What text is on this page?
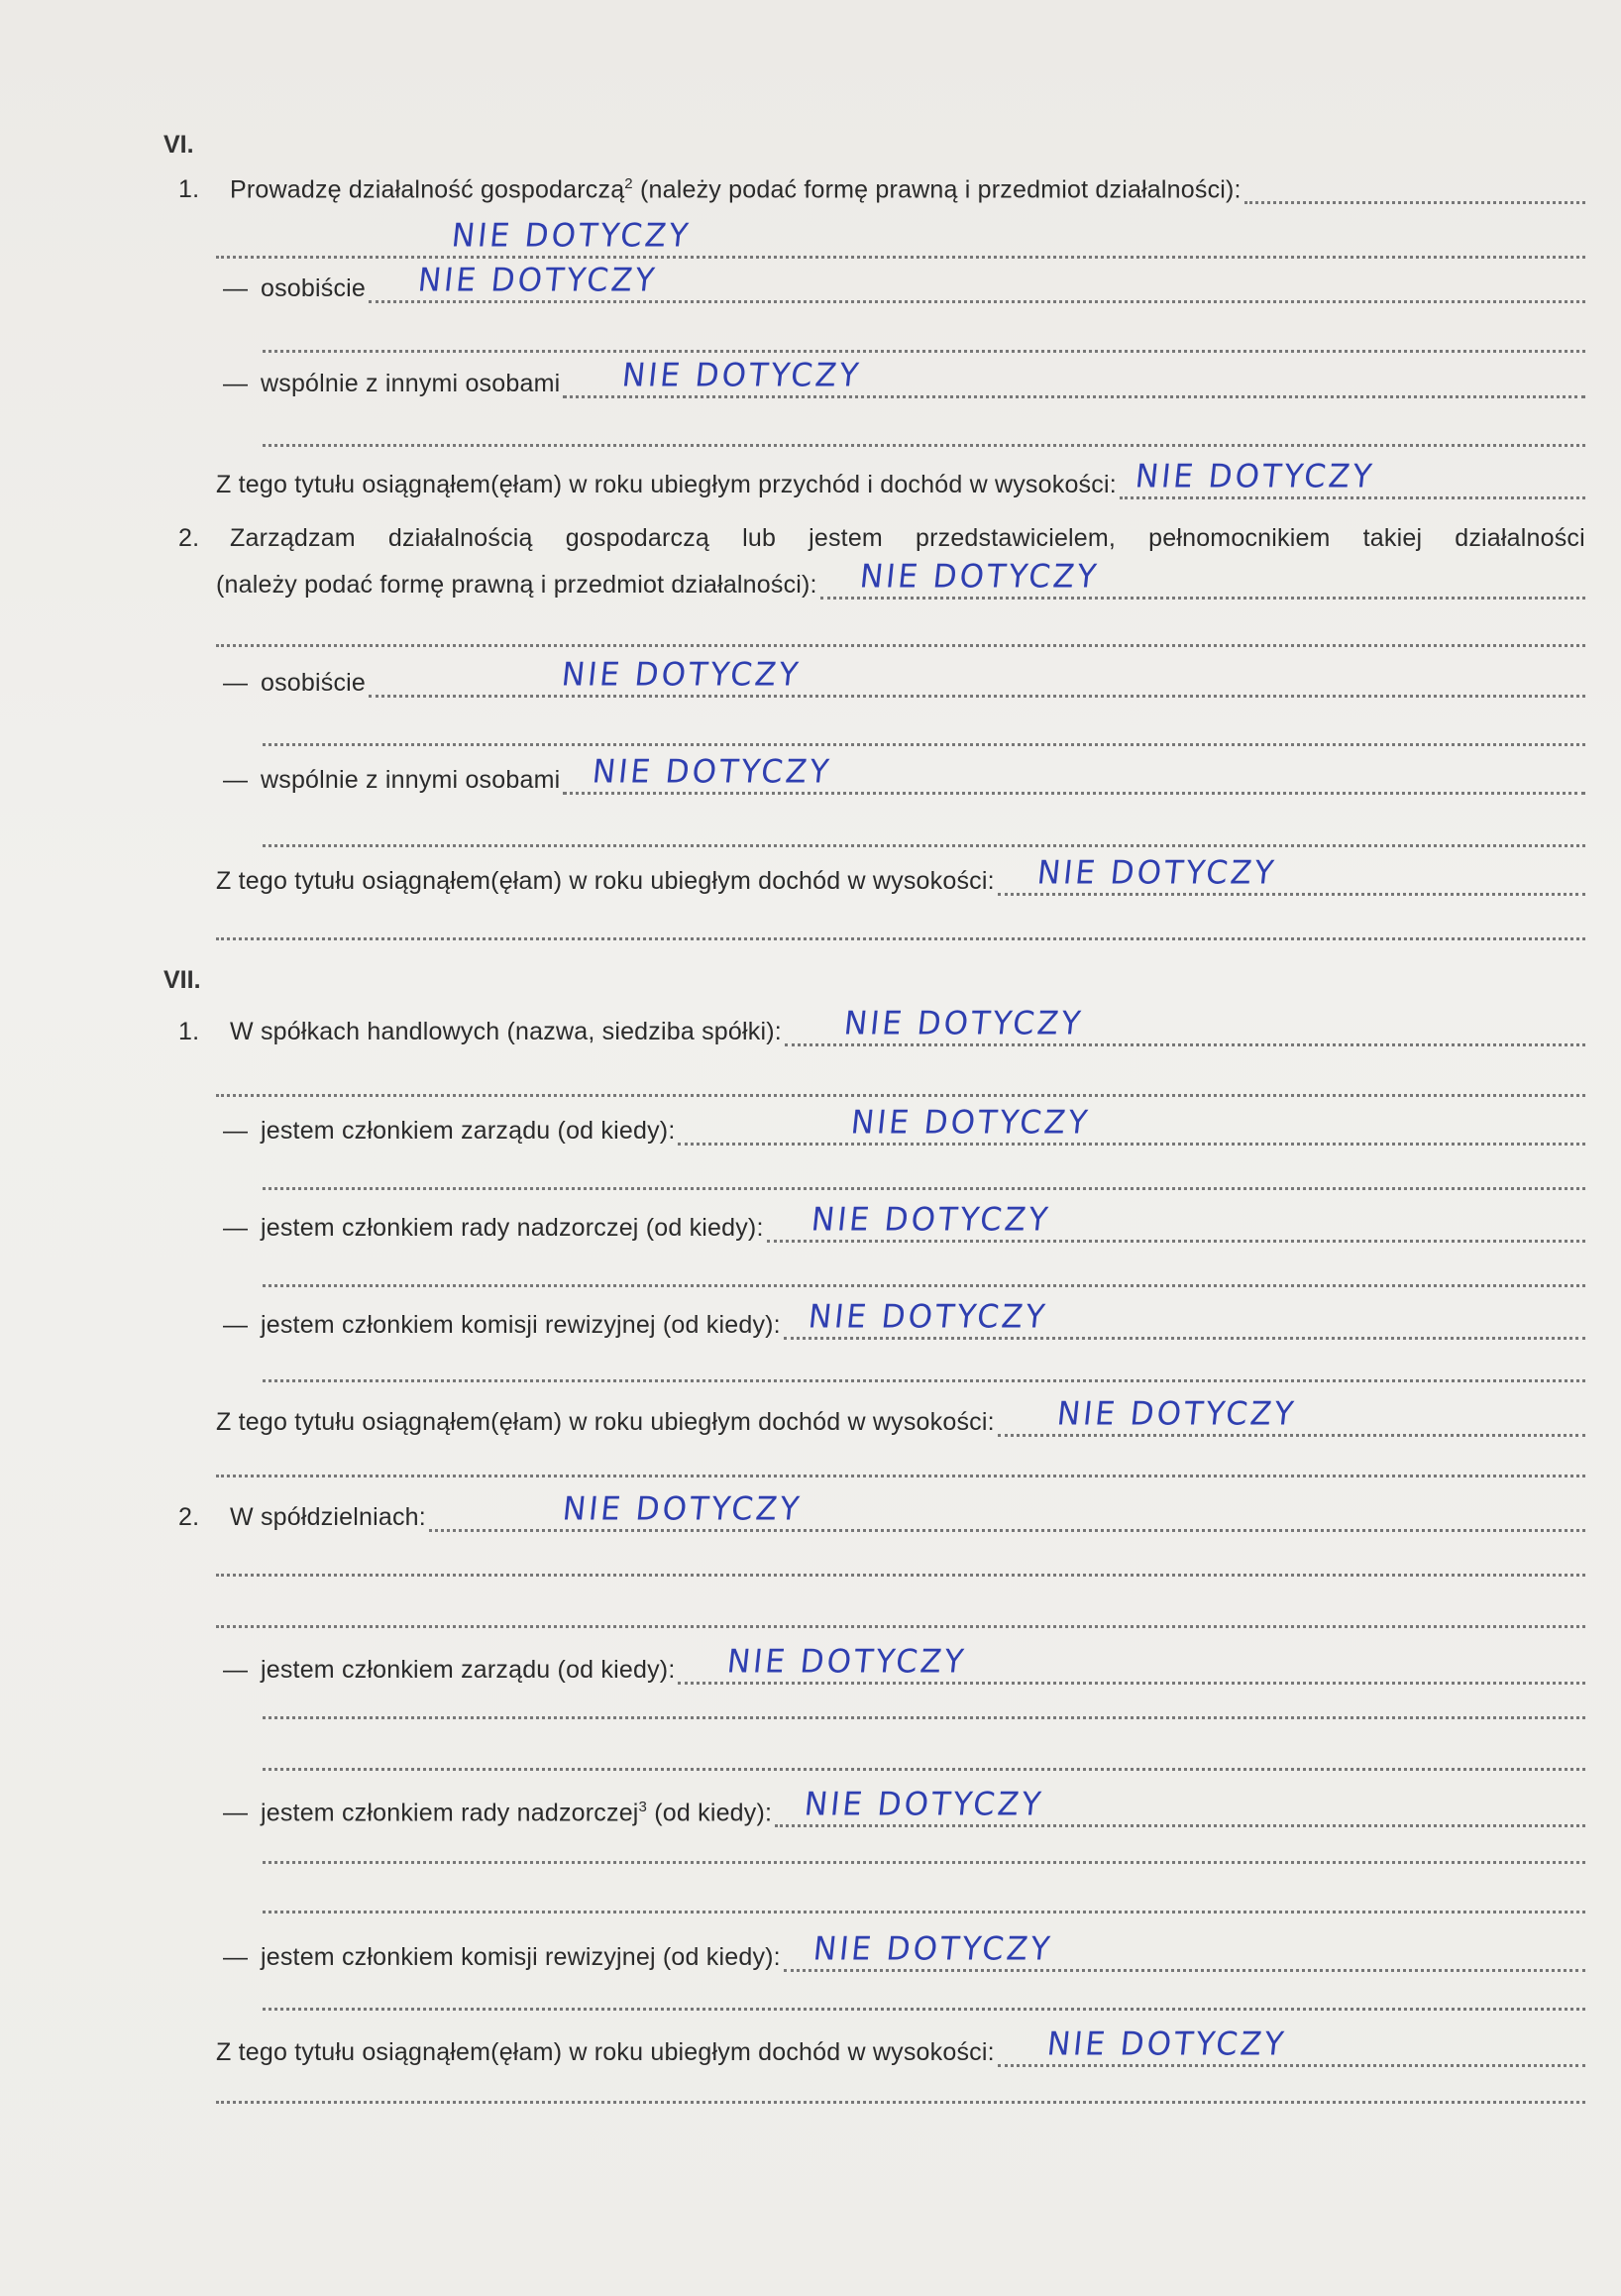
VI.
1.	Prowadzę działalność gospodarczą$^2$ (należy podać formę prawną i przedmiot działalności):
NIE DOTYCZY
— osobiście NIE DOTYCZY
— wspólnie z innymi osobami NIE DOTYCZY
Z tego tytułu osiągnąłem(ęłam) w roku ubiegłym przychód i dochód w wysokości: NIE DOTYCZY
2.	Zarządzam działalnością gospodarczą lub jestem przedstawicielem, pełnomocnikiem takiej działalności
(należy podać formę prawną i przedmiot działalności): NIE DOTYCZY
— osobiście	NIE DOTYCZY
— wspólnie z innymi osobami NIE DOTYCZY
Z tego tytułu osiągnąłem(ęłam) w roku ubiegłym dochód w wysokości: NIE DOTYCZY
VII.
1.	W spółkach handlowych (nazwa, siedziba spółki): NIE DOTYCZY
— jestem członkiem zarządu (od kiedy):	NIE DOTYCZY
— jestem członkiem rady nadzorczej (od kiedy): NIE DOTYCZY
— jestem członkiem komisji rewizyjnej (od kiedy): NIE DOTYCZY
Z tego tytułu osiągnąłem(ęłam) w roku ubiegłym dochód w wysokości: NIE DOTYCZY
2.	W spółdzielniach:	NIE DOTYCZY
— jestem członkiem zarządu (od kiedy): NIE DOTYCZY
— jestem członkiem rady nadzorczej$^3$ (od kiedy): NIE DOTYCZY
— jestem członkiem komisji rewizyjnej (od kiedy): NIE DOTYCZY
Z tego tytułu osiągnąłem(ęłam) w roku ubiegłym dochód w wysokości: NIE DOTYCZY
